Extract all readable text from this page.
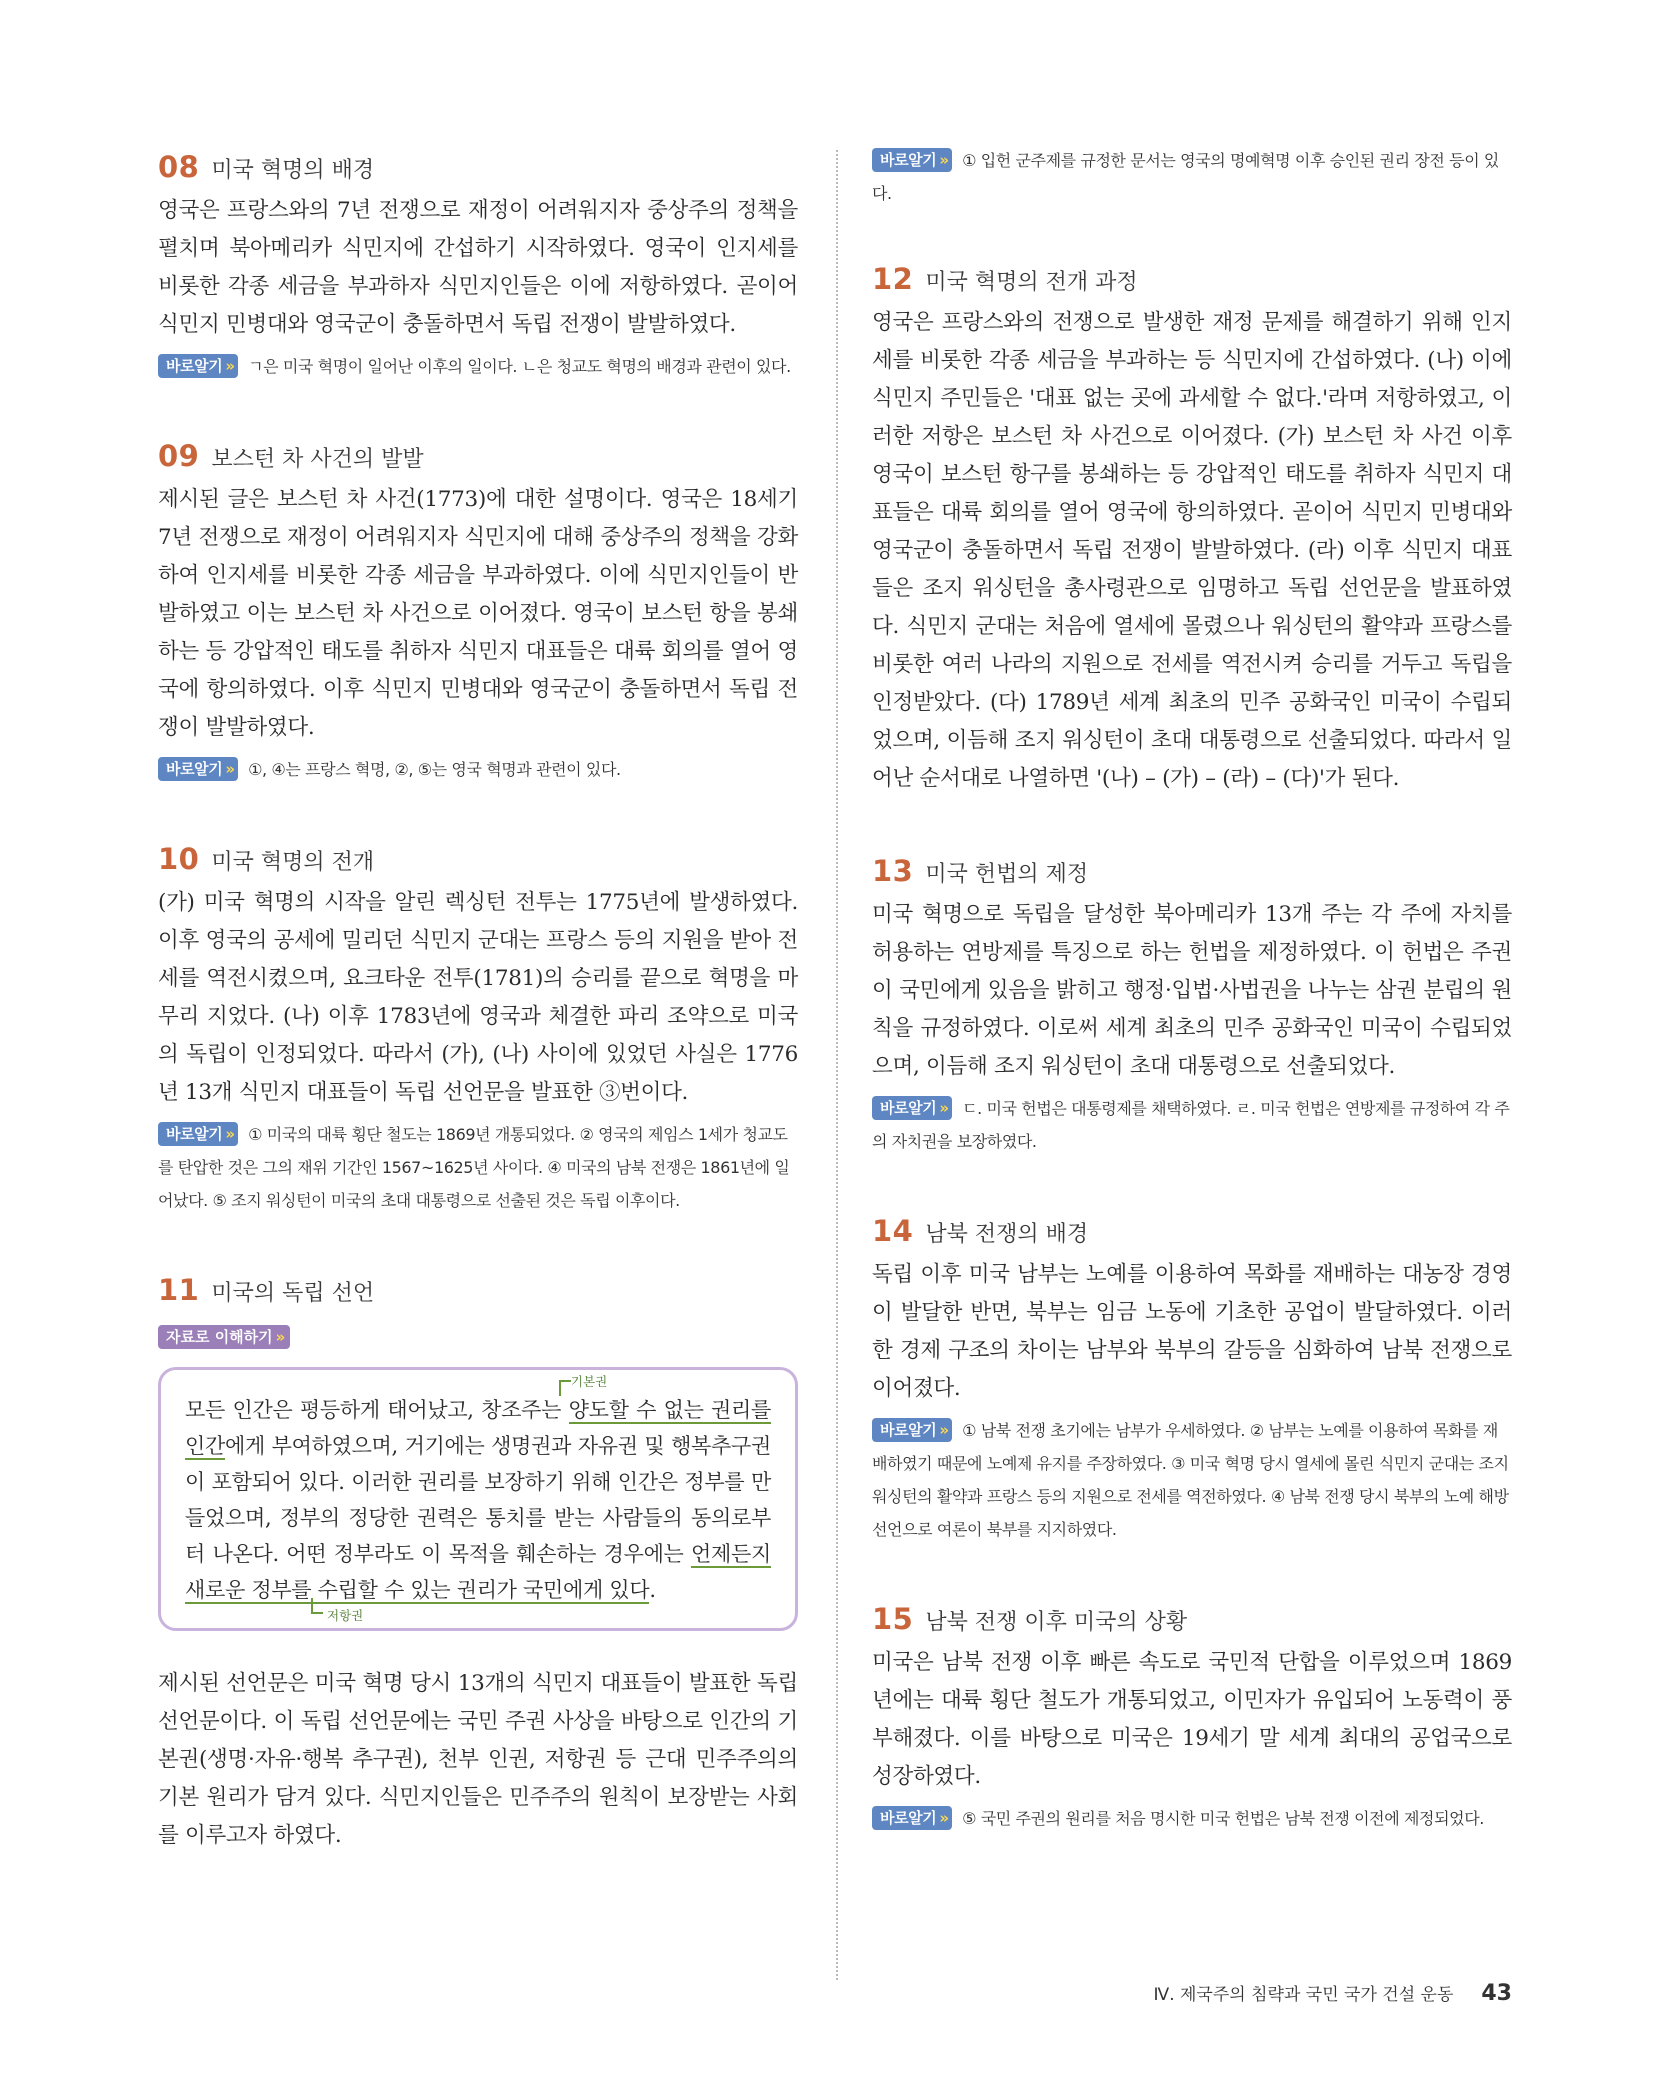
08 미국 혁명의 배경

영국은 프랑스와의 7년 전쟁으로 재정이 어려워지자 중상주의 정책을 펼치며 북아메리카 식민지에 간섭하기 시작하였다. 영국이 인지세를 비롯한 각종 세금을 부과하자 식민지인들은 이에 저항하였다. 곧이어 식민지 민병대와 영국군이 충돌하면서 독립 전쟁이 발발하였다.

바로알기 » ㄱ은 미국 혁명이 일어난 이후의 일이다. ㄴ은 청교도 혁명의 배경과 관련이 있다.

09 보스턴 차 사건의 발발

제시된 글은 보스턴 차 사건(1773)에 대한 설명이다. 영국은 18세기 7년 전쟁으로 재정이 어려워지자 식민지에 대해 중상주의 정책을 강화하여 인지세를 비롯한 각종 세금을 부과하였다. 이에 식민지인들이 반발하였고 이는 보스턴 차 사건으로 이어졌다. 영국이 보스턴 항을 봉쇄하는 등 강압적인 태도를 취하자 식민지 대표들은 대륙 회의를 열어 영국에 항의하였다. 이후 식민지 민병대와 영국군이 충돌하면서 독립 전쟁이 발발하였다.

바로알기 » ①, ④는 프랑스 혁명, ②, ⑤는 영국 혁명과 관련이 있다.

10 미국 혁명의 전개

(가) 미국 혁명의 시작을 알린 렉싱턴 전투는 1775년에 발생하였다. 이후 영국의 공세에 밀리던 식민지 군대는 프랑스 등의 지원을 받아 전세를 역전시켰으며, 요크타운 전투(1781)의 승리를 끝으로 혁명을 마무리 지었다. (나) 이후 1783년에 영국과 체결한 파리 조약으로 미국의 독립이 인정되었다. 따라서 (가), (나) 사이에 있었던 사실은 1776년 13개 식민지 대표들이 독립 선언문을 발표한 ③번이다.

바로알기 » ① 미국의 대륙 횡단 철도는 1869년 개통되었다. ② 영국의 제임스 1세가 청교도를 탄압한 것은 그의 재위 기간인 1567~1625년 사이다. ④ 미국의 남북 전쟁은 1861년에 일어났다. ⑤ 조지 워싱턴이 미국의 초대 대통령으로 선출된 것은 독립 이후이다.

11 미국의 독립 선언
자료로 이해하기 »
기본권

모든 인간은 평등하게 태어났고, 창조주는 양도할 수 없는 권리를 인간에게 부여하였으며, 거기에는 생명권과 자유권 및 행복추구권이 포함되어 있다. 이러한 권리를 보장하기 위해 인간은 정부를 만들었으며, 정부의 정당한 권력은 통치를 받는 사람들의 동의로부터 나온다. 어떤 정부라도 이 목적을 훼손하는 경우에는 언제든지 새로운 정부를 수립할 수 있는 권리가 국민에게 있다.

저항권

제시된 선언문은 미국 혁명 당시 13개의 식민지 대표들이 발표한 독립 선언문이다. 이 독립 선언문에는 국민 주권 사상을 바탕으로 인간의 기본권(생명·자유·행복 추구권), 천부 인권, 저항권 등 근대 민주주의의 기본 원리가 담겨 있다. 식민지인들은 민주주의 원칙이 보장받는 사회를 이루고자 하였다.

바로알기 » ① 입헌 군주제를 규정한 문서는 영국의 명예혁명 이후 승인된 권리 장전 등이 있다.

12 미국 혁명의 전개 과정

영국은 프랑스와의 전쟁으로 발생한 재정 문제를 해결하기 위해 인지세를 비롯한 각종 세금을 부과하는 등 식민지에 간섭하였다. (나) 이에 식민지 주민들은 '대표 없는 곳에 과세할 수 없다.'라며 저항하였고, 이러한 저항은 보스턴 차 사건으로 이어졌다. (가) 보스턴 차 사건 이후 영국이 보스턴 항구를 봉쇄하는 등 강압적인 태도를 취하자 식민지 대표들은 대륙 회의를 열어 영국에 항의하였다. 곧이어 식민지 민병대와 영국군이 충돌하면서 독립 전쟁이 발발하였다. (라) 이후 식민지 대표들은 조지 워싱턴을 총사령관으로 임명하고 독립 선언문을 발표하였다. 식민지 군대는 처음에 열세에 몰렸으나 워싱턴의 활약과 프랑스를 비롯한 여러 나라의 지원으로 전세를 역전시켜 승리를 거두고 독립을 인정받았다. (다) 1789년 세계 최초의 민주 공화국인 미국이 수립되었으며, 이듬해 조지 워싱턴이 초대 대통령으로 선출되었다. 따라서 일어난 순서대로 나열하면 '(나) – (가) – (라) – (다)'가 된다.

13 미국 헌법의 제정

미국 혁명으로 독립을 달성한 북아메리카 13개 주는 각 주에 자치를 허용하는 연방제를 특징으로 하는 헌법을 제정하였다. 이 헌법은 주권이 국민에게 있음을 밝히고 행정·입법·사법권을 나누는 삼권 분립의 원칙을 규정하였다. 이로써 세계 최초의 민주 공화국인 미국이 수립되었으며, 이듬해 조지 워싱턴이 초대 대통령으로 선출되었다.

바로알기 » ㄷ. 미국 헌법은 대통령제를 채택하였다. ㄹ. 미국 헌법은 연방제를 규정하여 각 주의 자치권을 보장하였다.

14 남북 전쟁의 배경

독립 이후 미국 남부는 노예를 이용하여 목화를 재배하는 대농장 경영이 발달한 반면, 북부는 임금 노동에 기초한 공업이 발달하였다. 이러한 경제 구조의 차이는 남부와 북부의 갈등을 심화하여 남북 전쟁으로 이어졌다.

바로알기 » ① 남북 전쟁 초기에는 남부가 우세하였다. ② 남부는 노예를 이용하여 목화를 재배하였기 때문에 노예제 유지를 주장하였다. ③ 미국 혁명 당시 열세에 몰린 식민지 군대는 조지 워싱턴의 활약과 프랑스 등의 지원으로 전세를 역전하였다. ④ 남북 전쟁 당시 북부의 노예 해방 선언으로 여론이 북부를 지지하였다.

15 남북 전쟁 이후 미국의 상황

미국은 남북 전쟁 이후 빠른 속도로 국민적 단합을 이루었으며 1869년에는 대륙 횡단 철도가 개통되었고, 이민자가 유입되어 노동력이 풍부해졌다. 이를 바탕으로 미국은 19세기 말 세계 최대의 공업국으로 성장하였다.

바로알기 » ⑤ 국민 주권의 원리를 처음 명시한 미국 헌법은 남북 전쟁 이전에 제정되었다.

Ⅳ. 제국주의 침략과 국민 국가 건설 운동 43
